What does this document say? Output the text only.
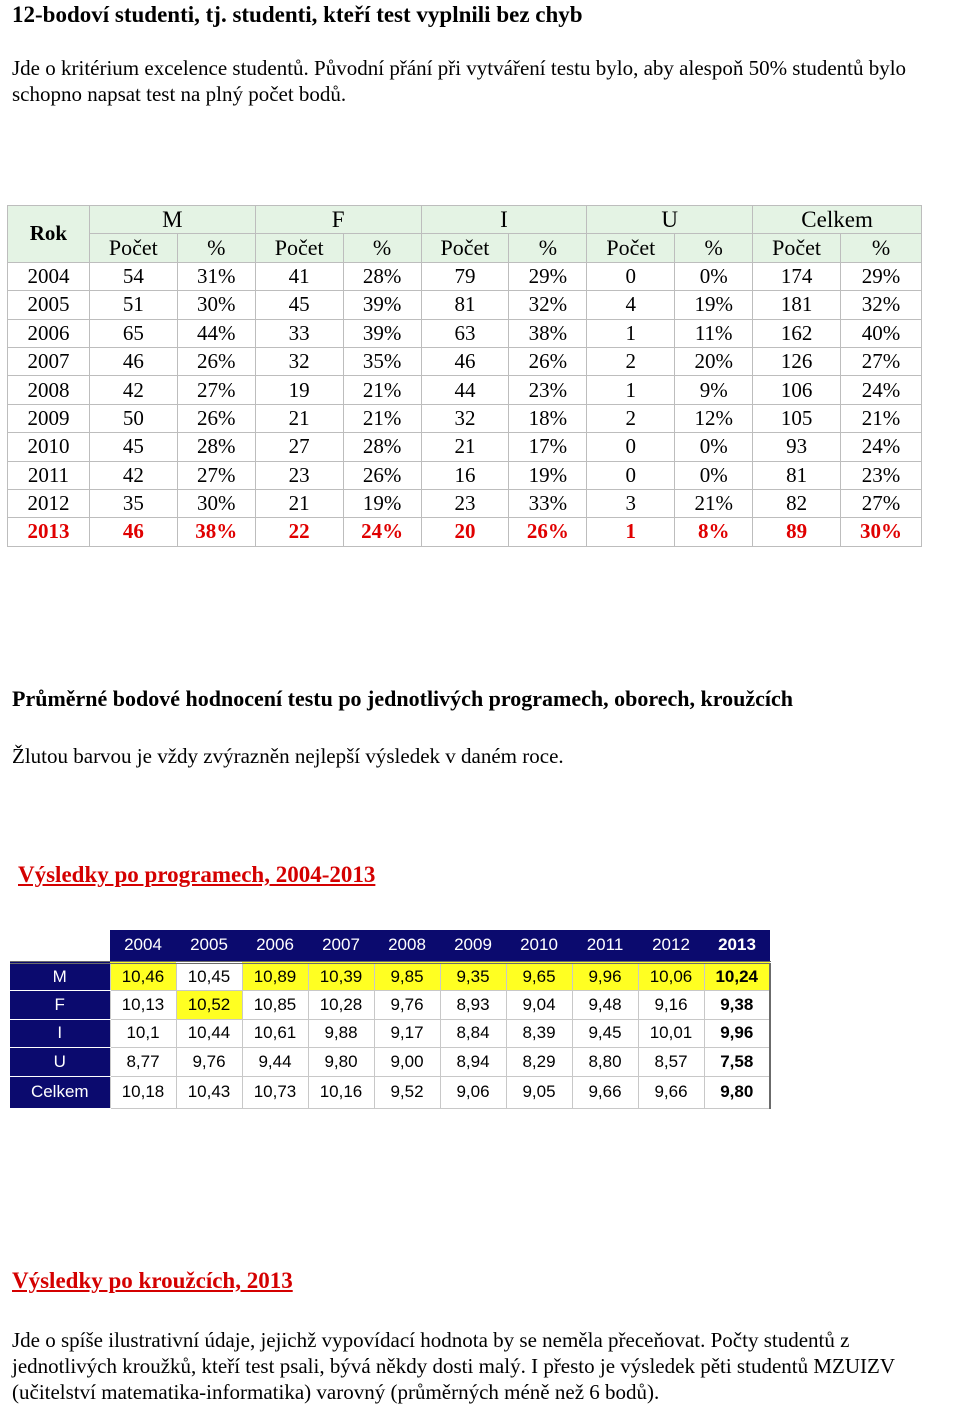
12-bodoví studenti, tj. studenti, kteří test vyplnili bez chyb
Jde o kritérium excelence studentů. Původní přání při vytváření testu bylo, aby alespoň 50% studentů bylo schopno napsat test na plný počet bodů.
Rok	M		F		I		U		Celkem	
	Počet	%	Počet	%	Počet	%	Počet	%	Počet	%
2004	54	31%	41	28%	79	29%	0	0%	174	29%
2005	51	30%	45	39%	81	32%	4	19%	181	32%
2006	65	44%	33	39%	63	38%	1	11%	162	40%
2007	46	26%	32	35%	46	26%	2	20%	126	27%
2008	42	27%	19	21%	44	23%	1	9%	106	24%
2009	50	26%	21	21%	32	18%	2	12%	105	21%
2010	45	28%	27	28%	21	17%	0	0%	93	24%
2011	42	27%	23	26%	16	19%	0	0%	81	23%
2012	35	30%	21	19%	23	33%	3	21%	82	27%
2013	46	38%	22	24%	20	26%	1	8%	89	30%
Průměrné bodové hodnocení testu po jednotlivých programech, oborech, kroužcích
Žlutou barvou je vždy zvýrazněn nejlepší výsledek v daném roce.
Výsledky po programech, 2004-2013
	2004	2005	2006	2007	2008	2009	2010	2011	2012	2013
M	10,46	10,45	10,89	10,39	9,85	9,35	9,65	9,96	10,06	10,24
F	10,13	10,52	10,85	10,28	9,76	8,93	9,04	9,48	9,16	9,38
I	10,1	10,44	10,61	9,88	9,17	8,84	8,39	9,45	10,01	9,96
U	8,77	9,76	9,44	9,80	9,00	8,94	8,29	8,80	8,57	7,58
Celkem	10,18	10,43	10,73	10,16	9,52	9,06	9,05	9,66	9,66	9,80
Výsledky po kroužcích, 2013
Jde o spíše ilustrativní údaje, jejichž vypovídací hodnota by se neměla přeceňovat. Počty studentů z jednotlivých kroužků, kteří test psali, bývá někdy dosti malý. I přesto je výsledek pěti studentů MZUIZV (učitelství matematika-informatika) varovný (průměrných méně než 6 bodů).
